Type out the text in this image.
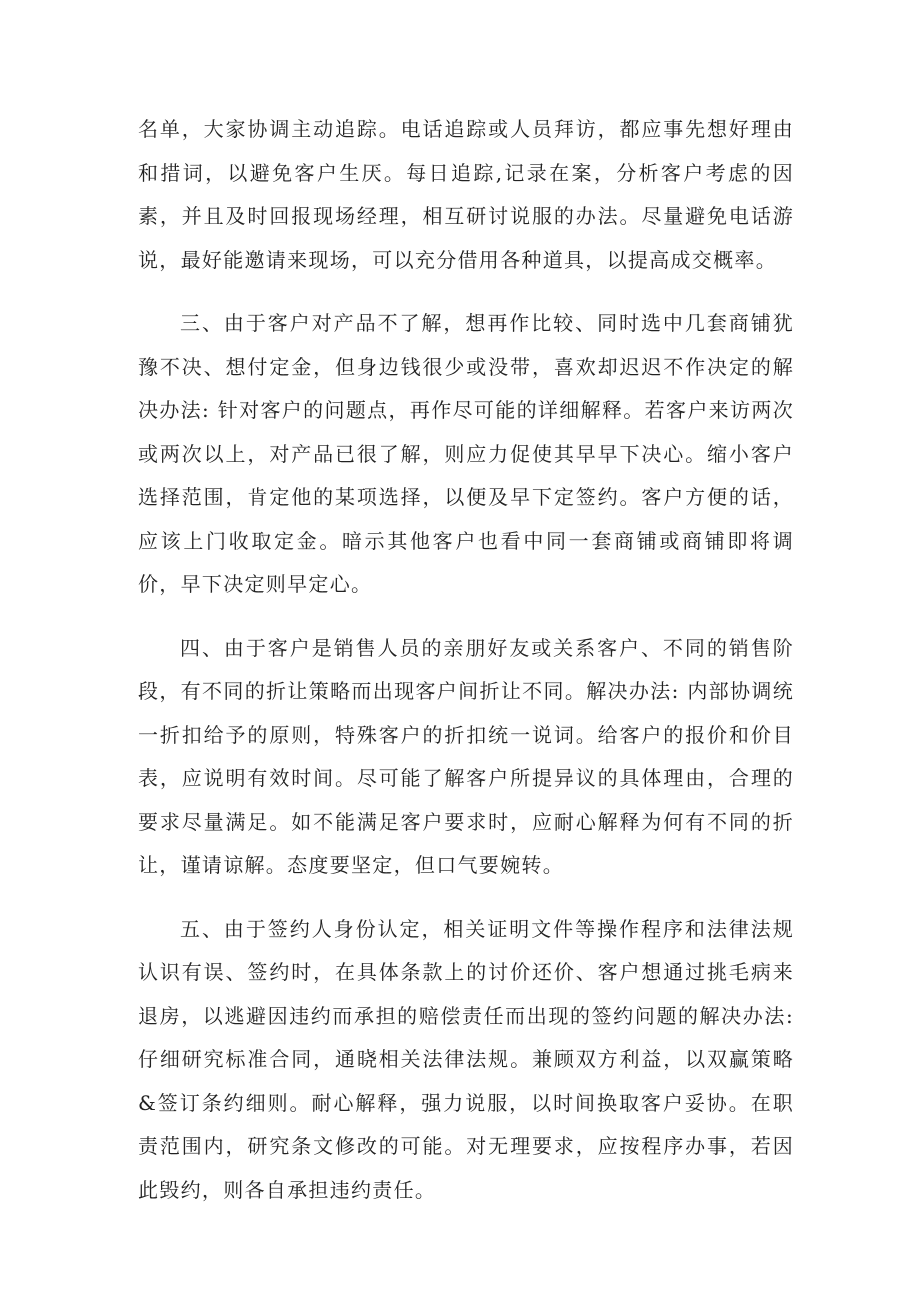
名单，大家协调主动追踪。电话追踪或人员拜访，都应事先想好理由和措词，以避免客户生厌。每日追踪,记录在案，分析客户考虑的因素，并且及时回报现场经理，相互研讨说服的办法。尽量避免电话游说，最好能邀请来现场，可以充分借用各种道具，以提高成交概率。

三、由于客户对产品不了解，想再作比较、同时选中几套商铺犹豫不决、想付定金，但身边钱很少或没带，喜欢却迟迟不作决定的解决办法: 针对客户的问题点，再作尽可能的详细解释。若客户来访两次或两次以上，对产品已很了解，则应力促使其早早下决心。缩小客户选择范围，肯定他的某项选择，以便及早下定签约。客户方便的话，应该上门收取定金。暗示其他客户也看中同一套商铺或商铺即将调价，早下决定则早定心。

四、由于客户是销售人员的亲朋好友或关系客户、不同的销售阶段，有不同的折让策略而出现客户间折让不同。解决办法: 内部协调统一折扣给予的原则，特殊客户的折扣统一说词。给客户的报价和价目表，应说明有效时间。尽可能了解客户所提异议的具体理由，合理的要求尽量满足。如不能满足客户要求时，应耐心解释为何有不同的折让，谨请谅解。态度要坚定，但口气要婉转。

五、由于签约人身份认定，相关证明文件等操作程序和法律法规认识有误、签约时，在具体条款上的讨价还价、客户想通过挑毛病来退房，以逃避因违约而承担的赔偿责任而出现的签约问题的解决办法: 仔细研究标准合同，通晓相关法律法规。兼顾双方利益，以双赢策略&签订条约细则。耐心解释，强力说服，以时间换取客户妥协。在职责范围内，研究条文修改的可能。对无理要求，应按程序办事，若因此毁约，则各自承担违约责任。
